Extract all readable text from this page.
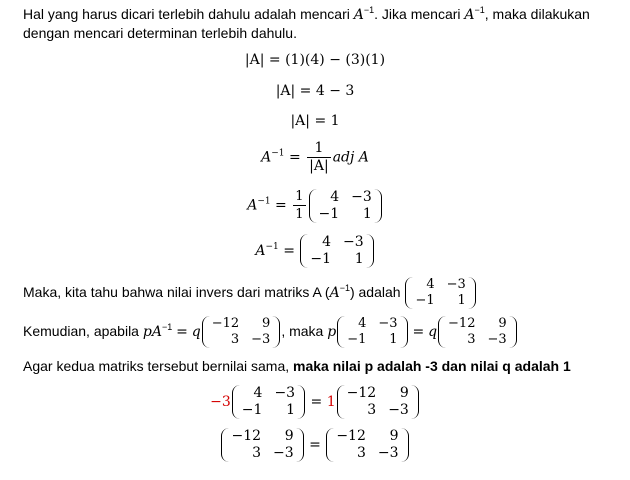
Hal yang harus dicari terlebih dahulu adalah mencari $A^{-1}$. Jika mencari $A^{-1}$, maka dilakukan
dengan mencari determinan terlebih dahulu.
|A| = (1)(4) − (3)(1)
|A| = 4 − 3
|A| = 1
$A^{-1} = \frac{1}{|A|}$ adj A
$A^{-1} = \frac{1}{1}$	4 −3
−1	1
$A^{-1}$ =
4 −3
−1	1
Maka, kita tahu bahwa nilai invers dari matriks A $(A^{-1})$ adalah	4 −3
−1	1
Kemudian, apabila $pA^{-1} = q$
−12	9
3 −3
, maka p
4 −3
−1	1 = q
−12	9
3 −3
Agar kedua matriks tersebut bernilai sama, maka nilai p adalah -3 dan nilai q adalah 1
−3
4 −3
−1	1 = 1
−12	9
3 −3
−12	9
3 −3 =
−12	9
3 −3
